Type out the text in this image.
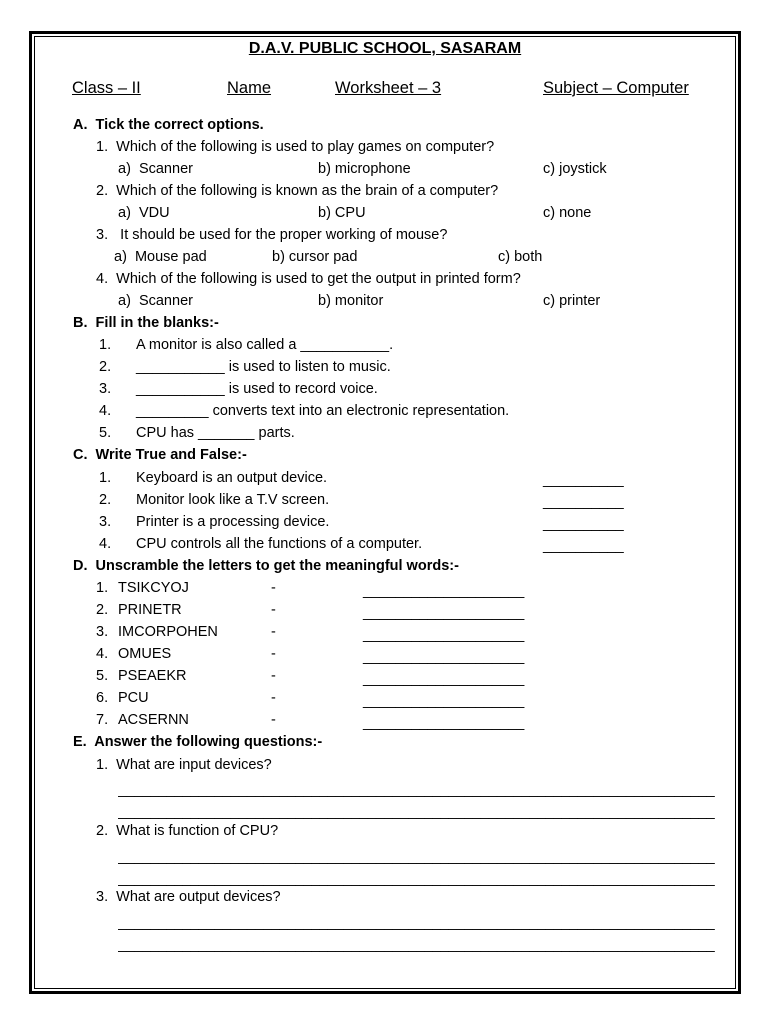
D.A.V. PUBLIC SCHOOL, SASARAM
Class – II	Name	Worksheet – 3	Subject – Computer
A.  Tick the correct options.
1.  Which of the following is used to play games on computer?
a)  Scanner	b) microphone	c) joystick
2.  Which of the following is known as the brain of a computer?
a)  VDU	b) CPU	c) none
3.   It should be used for the proper working of mouse?
a)  Mouse pad	b) cursor pad	c) both
4.  Which of the following is used to get the output in printed form?
a)  Scanner	b) monitor	c) printer
B.  Fill in the blanks:-
1. A monitor is also called a ___________.
2. ___________ is used to listen to music.
3. ___________ is used to record voice.
4. _________ converts text into an electronic representation.
5. CPU has _______ parts.
C.  Write True and False:-
1. Keyboard is an output device.	__________
2. Monitor look like a T.V screen.	__________
3. Printer is a processing device.	__________
4. CPU controls all the functions of a computer.	__________
D.  Unscramble the letters to get the meaningful words:-
1. TSIKCYOJ	-	____________________
2. PRINETR	-	____________________
3. IMCORPOHEN	-	____________________
4. OMUES	-	____________________
5. PSEAEKR	-	____________________
6. PCU	-	____________________
7. ACSERNN	-	____________________
E.  Answer the following questions:-
1.  What are input devices?
__________________________________________________________________________
__________________________________________________________________________
2.  What is function of CPU?
__________________________________________________________________________
__________________________________________________________________________
3.  What are output devices?
__________________________________________________________________________
__________________________________________________________________________
